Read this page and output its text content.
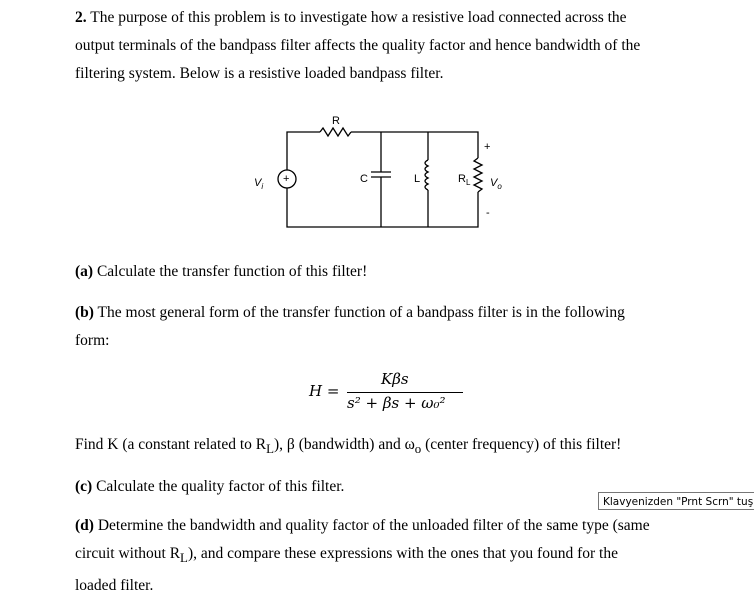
2. The purpose of this problem is to investigate how a resistive load connected across the
output terminals of the bandpass filter affects the quality factor and hence bandwidth of the
filtering system. Below is a resistive loaded bandpass filter.
R
C	L	$R_L$
$V_i$	$V_o$
+
-
+
(a) Calculate the transfer function of this filter!
(b) The most general form of the transfer function of a bandpass filter is in the following
form:
H =
Kβs
s² + βs + ω₀²
Find K (a constant related to $R_L$), β (bandwidth) and $\omega_o$ (center frequency) of this filter!
(c) Calculate the quality factor of this filter.
Klavyenizden "Prnt Scrn" tuş
(d) Determine the bandwidth and quality factor of the unloaded filter of the same type (same
circuit without $R_L$), and compare these expressions with the ones that you found for the
loaded filter.
